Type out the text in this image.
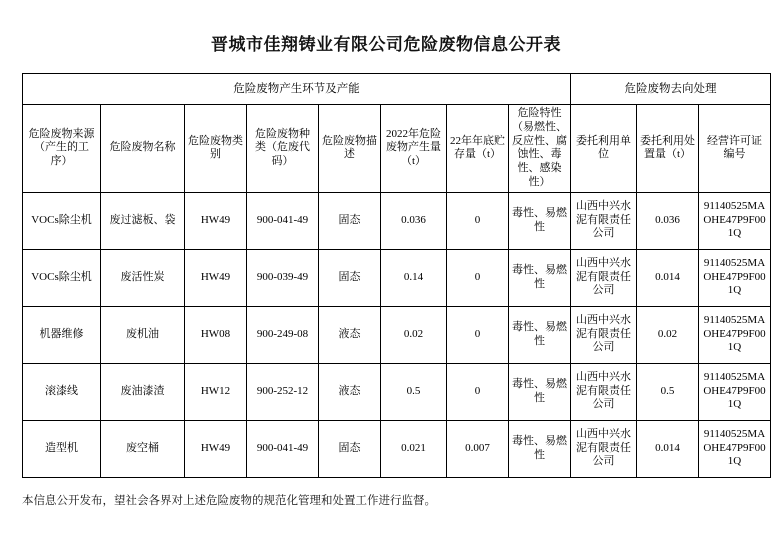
晋城市佳翔铸业有限公司危险废物信息公开表
危险废物产生环节及产能								危险废物去向处理		
危险废物来源（产生的工序）	危险废物名称	危险废物类别	危险废物种类（危废代码）	危险废物描述	2022年危险废物产生量（t）	22年年底贮存量（t）	危险特性（易燃性、反应性、腐蚀性、毒性、感染性）	委托利用单位	委托利用处置量（t）	经营许可证编号
VOCs除尘机	废过滤板、袋	HW49	900-041-49	固态	0.036	0	毒性、易燃性	山西中兴水泥有限责任公司	0.036	91140525MAOHE47P9F001Q
VOCs除尘机	废活性炭	HW49	900-039-49	固态	0.14	0	毒性、易燃性	山西中兴水泥有限责任公司	0.014	91140525MAOHE47P9F001Q
机器维修	废机油	HW08	900-249-08	液态	0.02	0	毒性、易燃性	山西中兴水泥有限责任公司	0.02	91140525MAOHE47P9F001Q
滚漆线	废油漆渣	HW12	900-252-12	液态	0.5	0	毒性、易燃性	山西中兴水泥有限责任公司	0.5	91140525MAOHE47P9F001Q
造型机	废空桶	HW49	900-041-49	固态	0.021	0.007	毒性、易燃性	山西中兴水泥有限责任公司	0.014	91140525MAOHE47P9F001Q
本信息公开发布，望社会各界对上述危险废物的规范化管理和处置工作进行监督。
